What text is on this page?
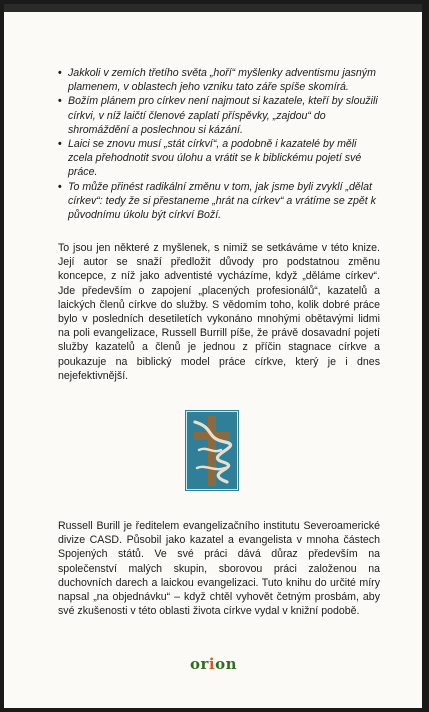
• Jakkoli v zemích třetího světa „hoří“ myšlenky adventismu jasným plamenem, v oblastech jeho vzniku tato záře spíše skomírá.
• Božím plánem pro církev není najmout si kazatele, kteří by sloužili církvi, v níž laičtí členové zaplatí příspěvky, „zajdou“ do shromáždění a poslechnou si kázání.
• Laici se znovu musí „stát církví“, a podobně i kazatelé by měli zcela přehodnotit svou úlohu a vrátit se k biblickému pojetí své práce.
• To může přinést radikální změnu v tom, jak jsme byli zvyklí „dělat církev“: tedy že si přestaneme „hrát na církev“ a vrátíme se zpět k původnímu úkolu být církví Boží.

To jsou jen některé z myšlenek, s nimiž se setkáváme v této knize. Její autor se snaží předložit důvody pro podstatnou změnu koncepce, z níž jako adventisté vycházíme, když „děláme církev“. Jde především o zapojení „placených profesionálů“, kazatelů a laických členů církve do služby. S vědomím toho, kolik dobré práce bylo v posledních desetiletích vykonáno mnohými obětavými lidmi na poli evangelizace, Russell Burrill píše, že právě dosavadní pojetí služby kazatelů a členů je jednou z příčin stagnace církve a poukazuje na biblický model práce církve, který je i dnes nejefektivnější.

Russell Burill je ředitelem evangelizačního institutu Severoamerické divize CASD. Působil jako kazatel a evangelista v mnoha částech Spojených států. Ve své práci dává důraz především na společenství malých skupin, sborovou práci založenou na duchovních darech a laickou evangelizaci. Tuto knihu do určité míry napsal „na objednávku“ – když chtěl vyhovět četným prosbám, aby své zkušenosti v této oblasti života církve vydal v knižní podobě.

orion
